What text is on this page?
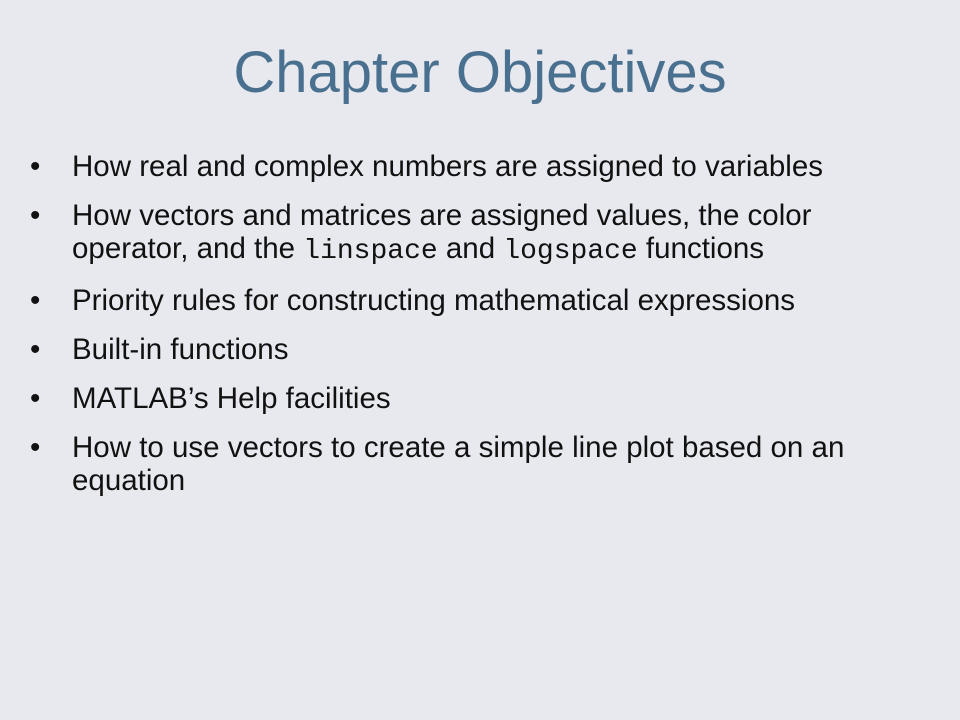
Chapter Objectives
•	How real and complex numbers are assigned to variables
•	How vectors and matrices are assigned values, the color operator, and the linspace and logspace functions
•	Priority rules for constructing mathematical expressions
•	Built-in functions
•	MATLAB’s Help facilities
•	How to use vectors to create a simple line plot based on an equation
